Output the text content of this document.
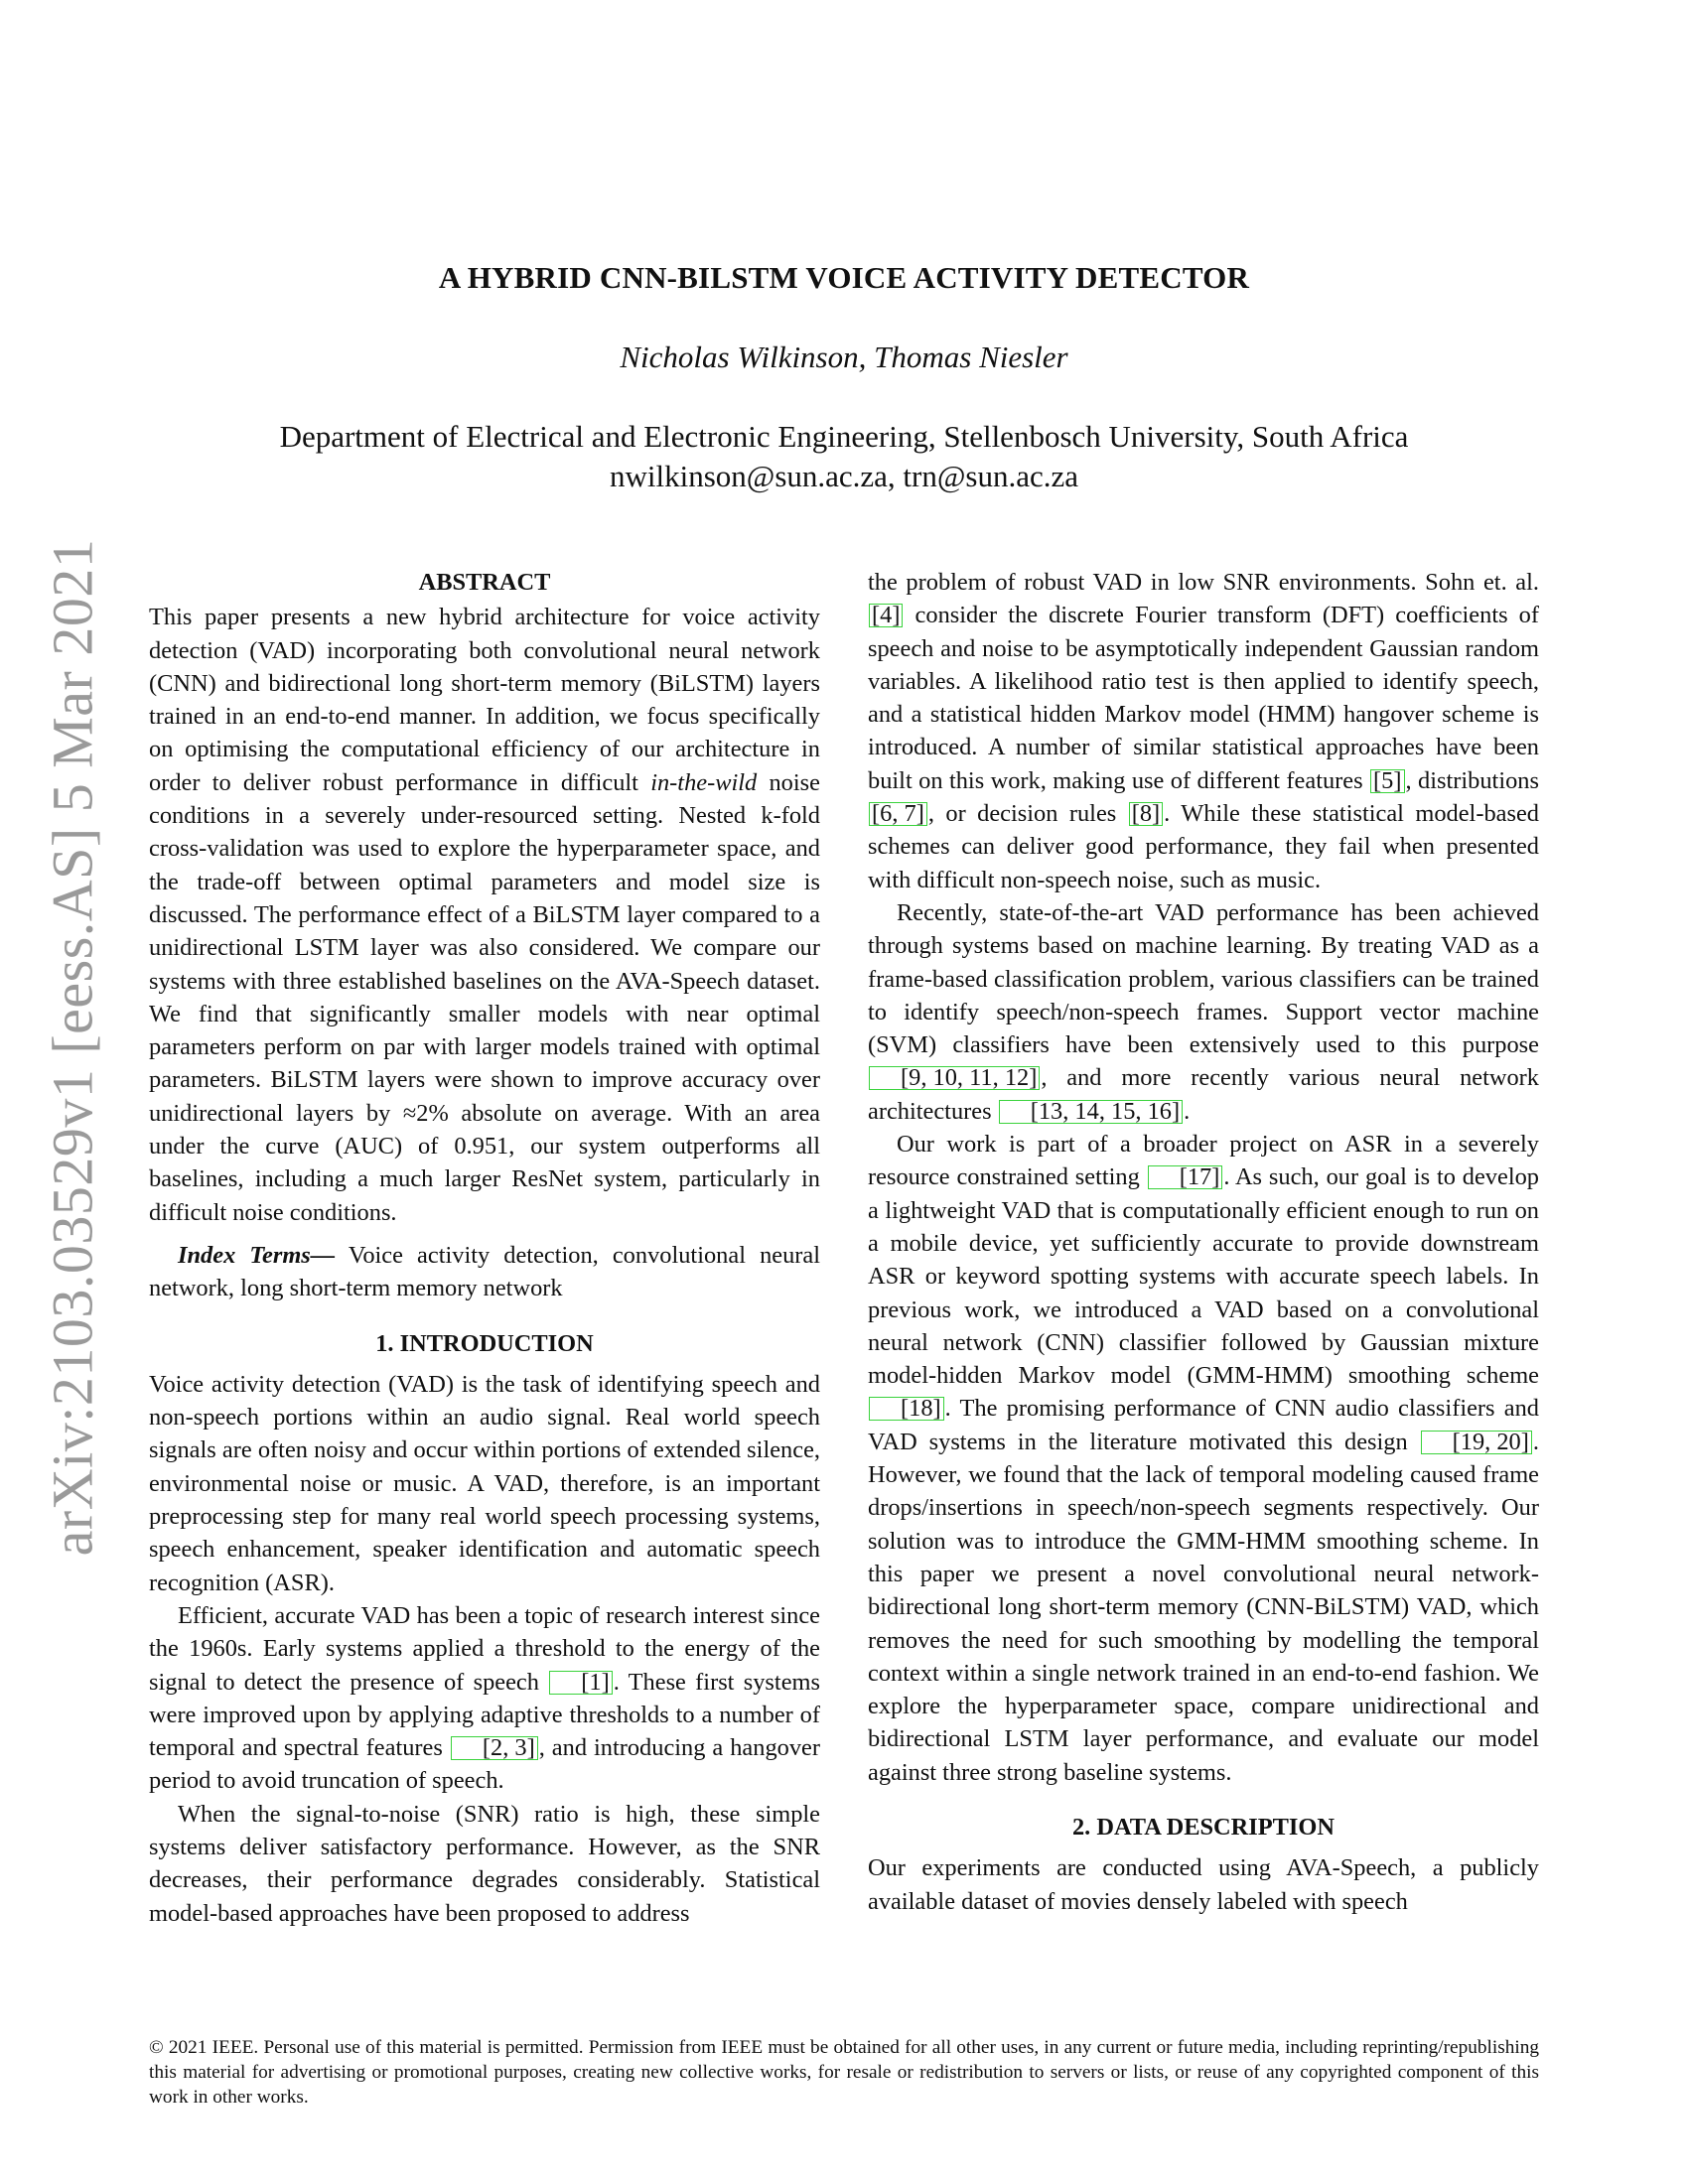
arXiv:2103.03529v1 [eess.AS] 5 Mar 2021
A HYBRID CNN-BILSTM VOICE ACTIVITY DETECTOR
Nicholas Wilkinson, Thomas Niesler
Department of Electrical and Electronic Engineering, Stellenbosch University, South Africa
nwilkinson@sun.ac.za, trn@sun.ac.za
ABSTRACT

This paper presents a new hybrid architecture for voice activity detection (VAD) incorporating both convolutional neural network (CNN) and bidirectional long short-term memory (BiLSTM) layers trained in an end-to-end manner. In addition, we focus specifically on optimising the computational efficiency of our architecture in order to deliver robust performance in difficult in-the-wild noise conditions in a severely under-resourced setting. Nested k-fold cross-validation was used to explore the hyperparameter space, and the trade-off between optimal parameters and model size is discussed. The performance effect of a BiLSTM layer compared to a unidirectional LSTM layer was also considered. We compare our systems with three established baselines on the AVA-Speech dataset. We find that significantly smaller models with near optimal parameters perform on par with larger models trained with optimal parameters. BiLSTM layers were shown to improve accuracy over unidirectional layers by ≈2% absolute on average. With an area under the curve (AUC) of 0.951, our system outperforms all baselines, including a much larger ResNet system, particularly in difficult noise conditions.

Index Terms— Voice activity detection, convolutional neural network, long short-term memory network

1. INTRODUCTION

Voice activity detection (VAD) is the task of identifying speech and non-speech portions within an audio signal. Real world speech signals are often noisy and occur within portions of extended silence, environmental noise or music. A VAD, therefore, is an important preprocessing step for many real world speech processing systems, speech enhancement, speaker identification and automatic speech recognition (ASR).

Efficient, accurate VAD has been a topic of research interest since the 1960s. Early systems applied a threshold to the energy of the signal to detect the presence of speech [1] . These first systems were improved upon by applying adaptive thresholds to a number of temporal and spectral features [2, 3] , and introducing a hangover period to avoid truncation of speech.

When the signal-to-noise (SNR) ratio is high, these simple systems deliver satisfactory performance. However, as the SNR decreases, their performance degrades considerably. Statistical model-based approaches have been proposed to address

the problem of robust VAD in low SNR environments. Sohn et. al. [4] consider the discrete Fourier transform (DFT) coefficients of speech and noise to be asymptotically independent Gaussian random variables. A likelihood ratio test is then applied to identify speech, and a statistical hidden Markov model (HMM) hangover scheme is introduced. A number of similar statistical approaches have been built on this work, making use of different features [5] , distributions [6, 7] , or decision rules [8] . While these statistical model-based schemes can deliver good performance, they fail when presented with difficult non-speech noise, such as music.

Recently, state-of-the-art VAD performance has been achieved through systems based on machine learning. By treating VAD as a frame-based classification problem, various classifiers can be trained to identify speech/non-speech frames. Support vector machine (SVM) classifiers have been extensively used to this purpose [9, 10, 11, 12] , and more recently various neural network architectures [13, 14, 15, 16] .

Our work is part of a broader project on ASR in a severely resource constrained setting [17] . As such, our goal is to develop a lightweight VAD that is computationally efficient enough to run on a mobile device, yet sufficiently accurate to provide downstream ASR or keyword spotting systems with accurate speech labels. In previous work, we introduced a VAD based on a convolutional neural network (CNN) classifier followed by Gaussian mixture model-hidden Markov model (GMM-HMM) smoothing scheme [18] . The promising performance of CNN audio classifiers and VAD systems in the literature motivated this design [19, 20] . However, we found that the lack of temporal modeling caused frame drops/insertions in speech/non-speech segments respectively. Our solution was to introduce the GMM-HMM smoothing scheme. In this paper we present a novel convolutional neural network-bidirectional long short-term memory (CNN-BiLSTM) VAD, which removes the need for such smoothing by modelling the temporal context within a single network trained in an end-to-end fashion. We explore the hyperparameter space, compare unidirectional and bidirectional LSTM layer performance, and evaluate our model against three strong baseline systems.

2. DATA DESCRIPTION

Our experiments are conducted using AVA-Speech, a publicly available dataset of movies densely labeled with speech

© 2021 IEEE. Personal use of this material is permitted. Permission from IEEE must be obtained for all other uses, in any current or future media, including reprinting/republishing this material for advertising or promotional purposes, creating new collective works, for resale or redistribution to servers or lists, or reuse of any copyrighted component of this work in other works.
